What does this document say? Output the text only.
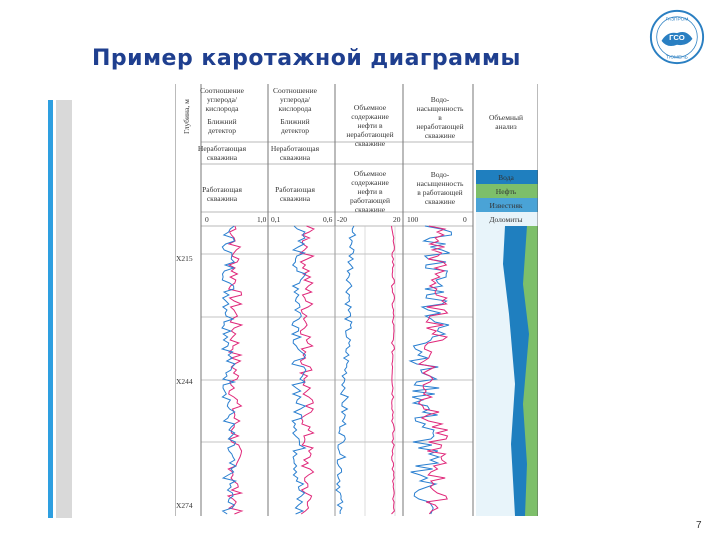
Пример каротажной диаграммы
ГСО
ГАЗПРОМ
ТЮМЕНЬ
Глубина, м
Соотношение
углерода/
кислорода
Ближний
детектор
Неработающая
скважина
Работающая
скважина
0	1,0
Соотношение
углерода/
кислорода
Ближний
детектор
Неработающая
скважина
Работающая
скважина
0,1	0,6
Объемное
содержание
нефти в
неработающей
скважине
Объемное
содержание
нефти в
работающей
скважине
-20	20
Водо-
насыщенность
в
неработающей
скважине
Водо-
насыщенность
в работающей
скважине
100	0
Объемный
анализ
Вода
Нефть
Известняк
Доломиты
X215
X244
X274
7
